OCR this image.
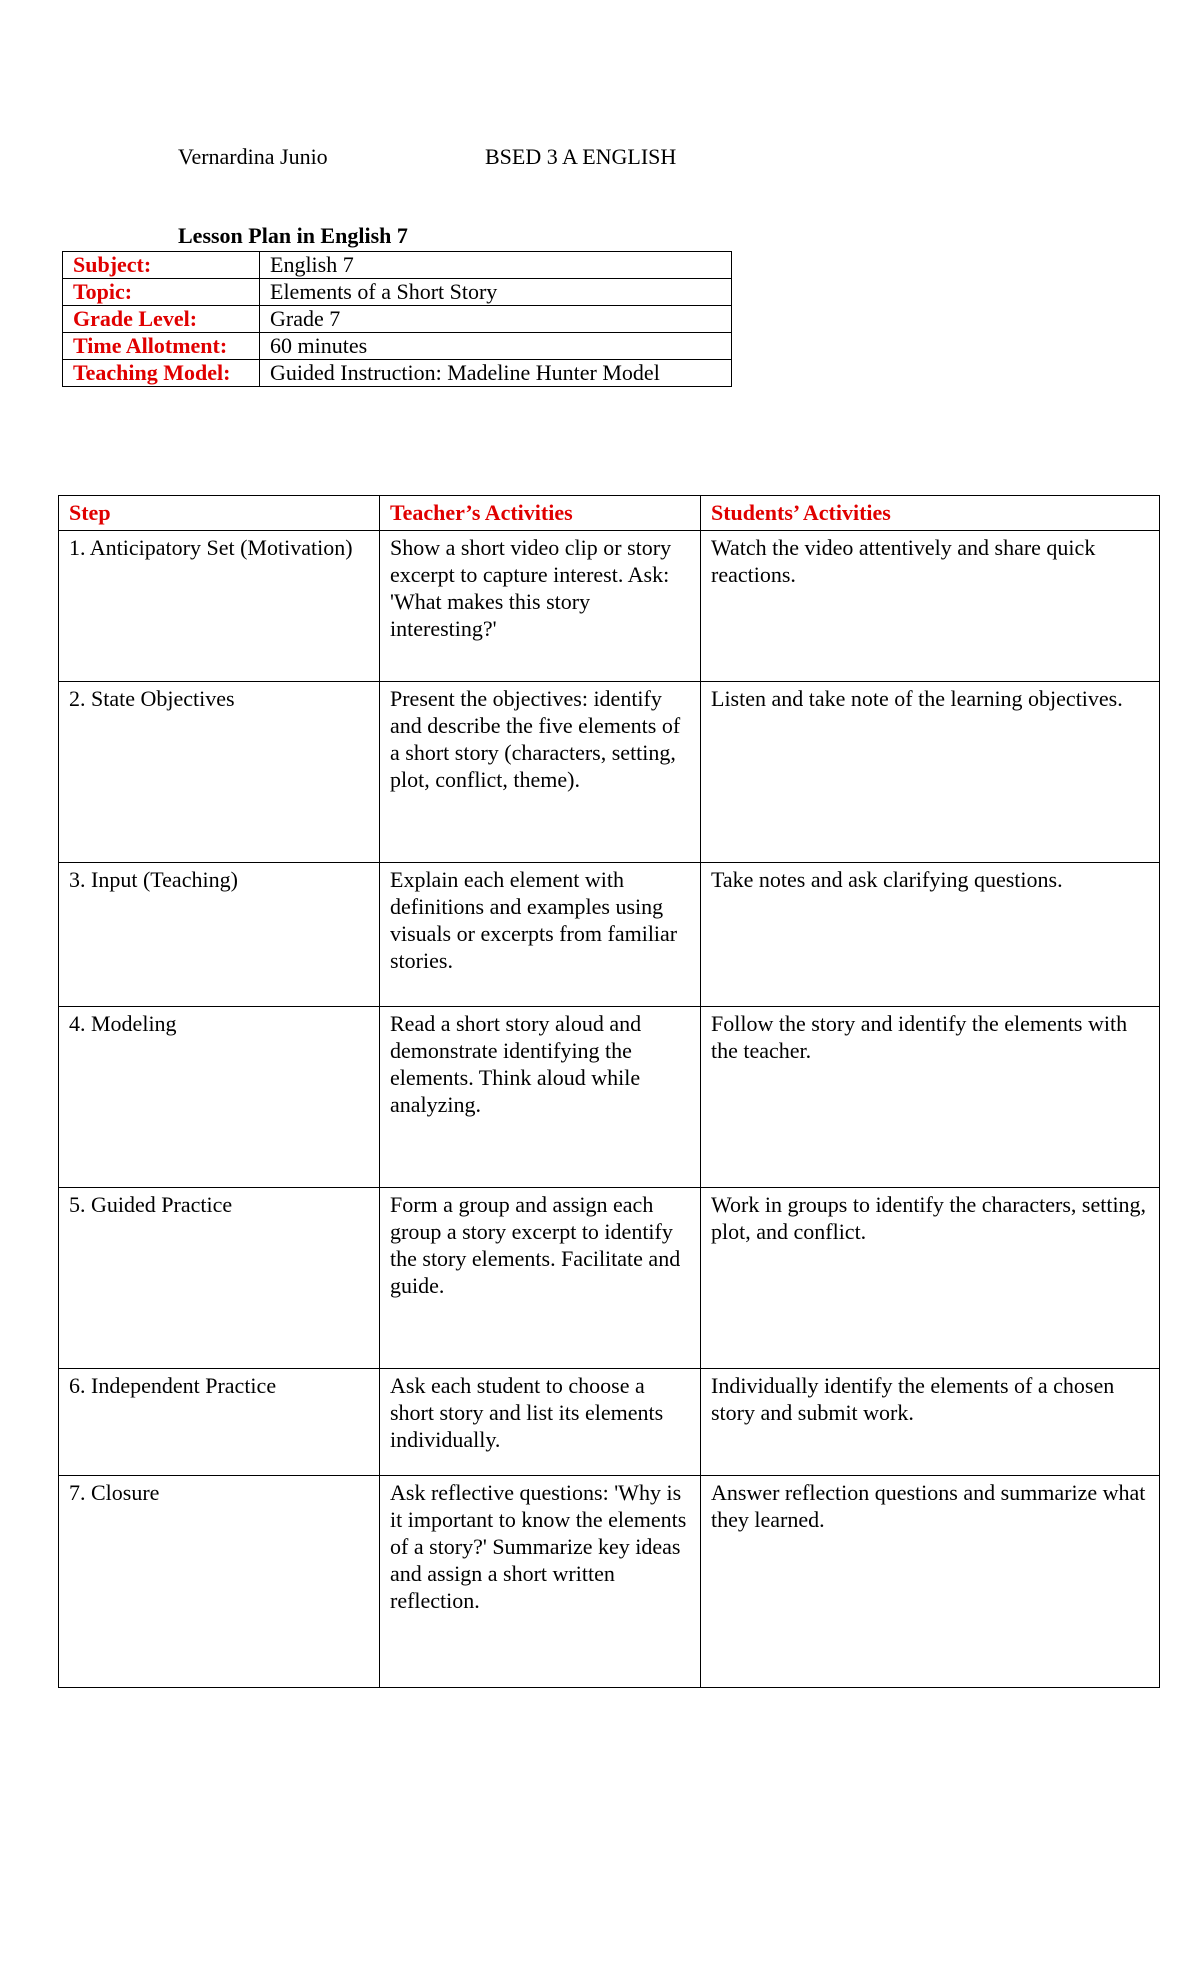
Vernardina Junio	BSED 3 A ENGLISH
Lesson Plan in English 7
Subject:	English 7
Topic:	Elements of a Short Story
Grade Level:	Grade 7
Time Allotment:	60 minutes
Teaching Model:	Guided Instruction: Madeline Hunter Model
Step	Teacher’s Activities	Students’ Activities
1. Anticipatory Set (Motivation)	Show a short video clip or story excerpt to capture interest. Ask: 'What makes this story interesting?'	Watch the video attentively and share quick reactions.
2. State Objectives	Present the objectives: identify and describe the five elements of a short story (characters, setting, plot, conflict, theme).	Listen and take note of the learning objectives.
3. Input (Teaching)	Explain each element with definitions and examples using visuals or excerpts from familiar stories.	Take notes and ask clarifying questions.
4. Modeling	Read a short story aloud and demonstrate identifying the elements. Think aloud while analyzing.	Follow the story and identify the elements with the teacher.
5. Guided Practice	Form a group and assign each group a story excerpt to identify the story elements. Facilitate and guide.	Work in groups to identify the characters, setting, plot, and conflict.
6. Independent Practice	Ask each student to choose a short story and list its elements individually.	Individually identify the elements of a chosen story and submit work.
7. Closure	Ask reflective questions: 'Why is it important to know the elements of a story?' Summarize key ideas and assign a short written reflection.	Answer reflection questions and summarize what they learned.
